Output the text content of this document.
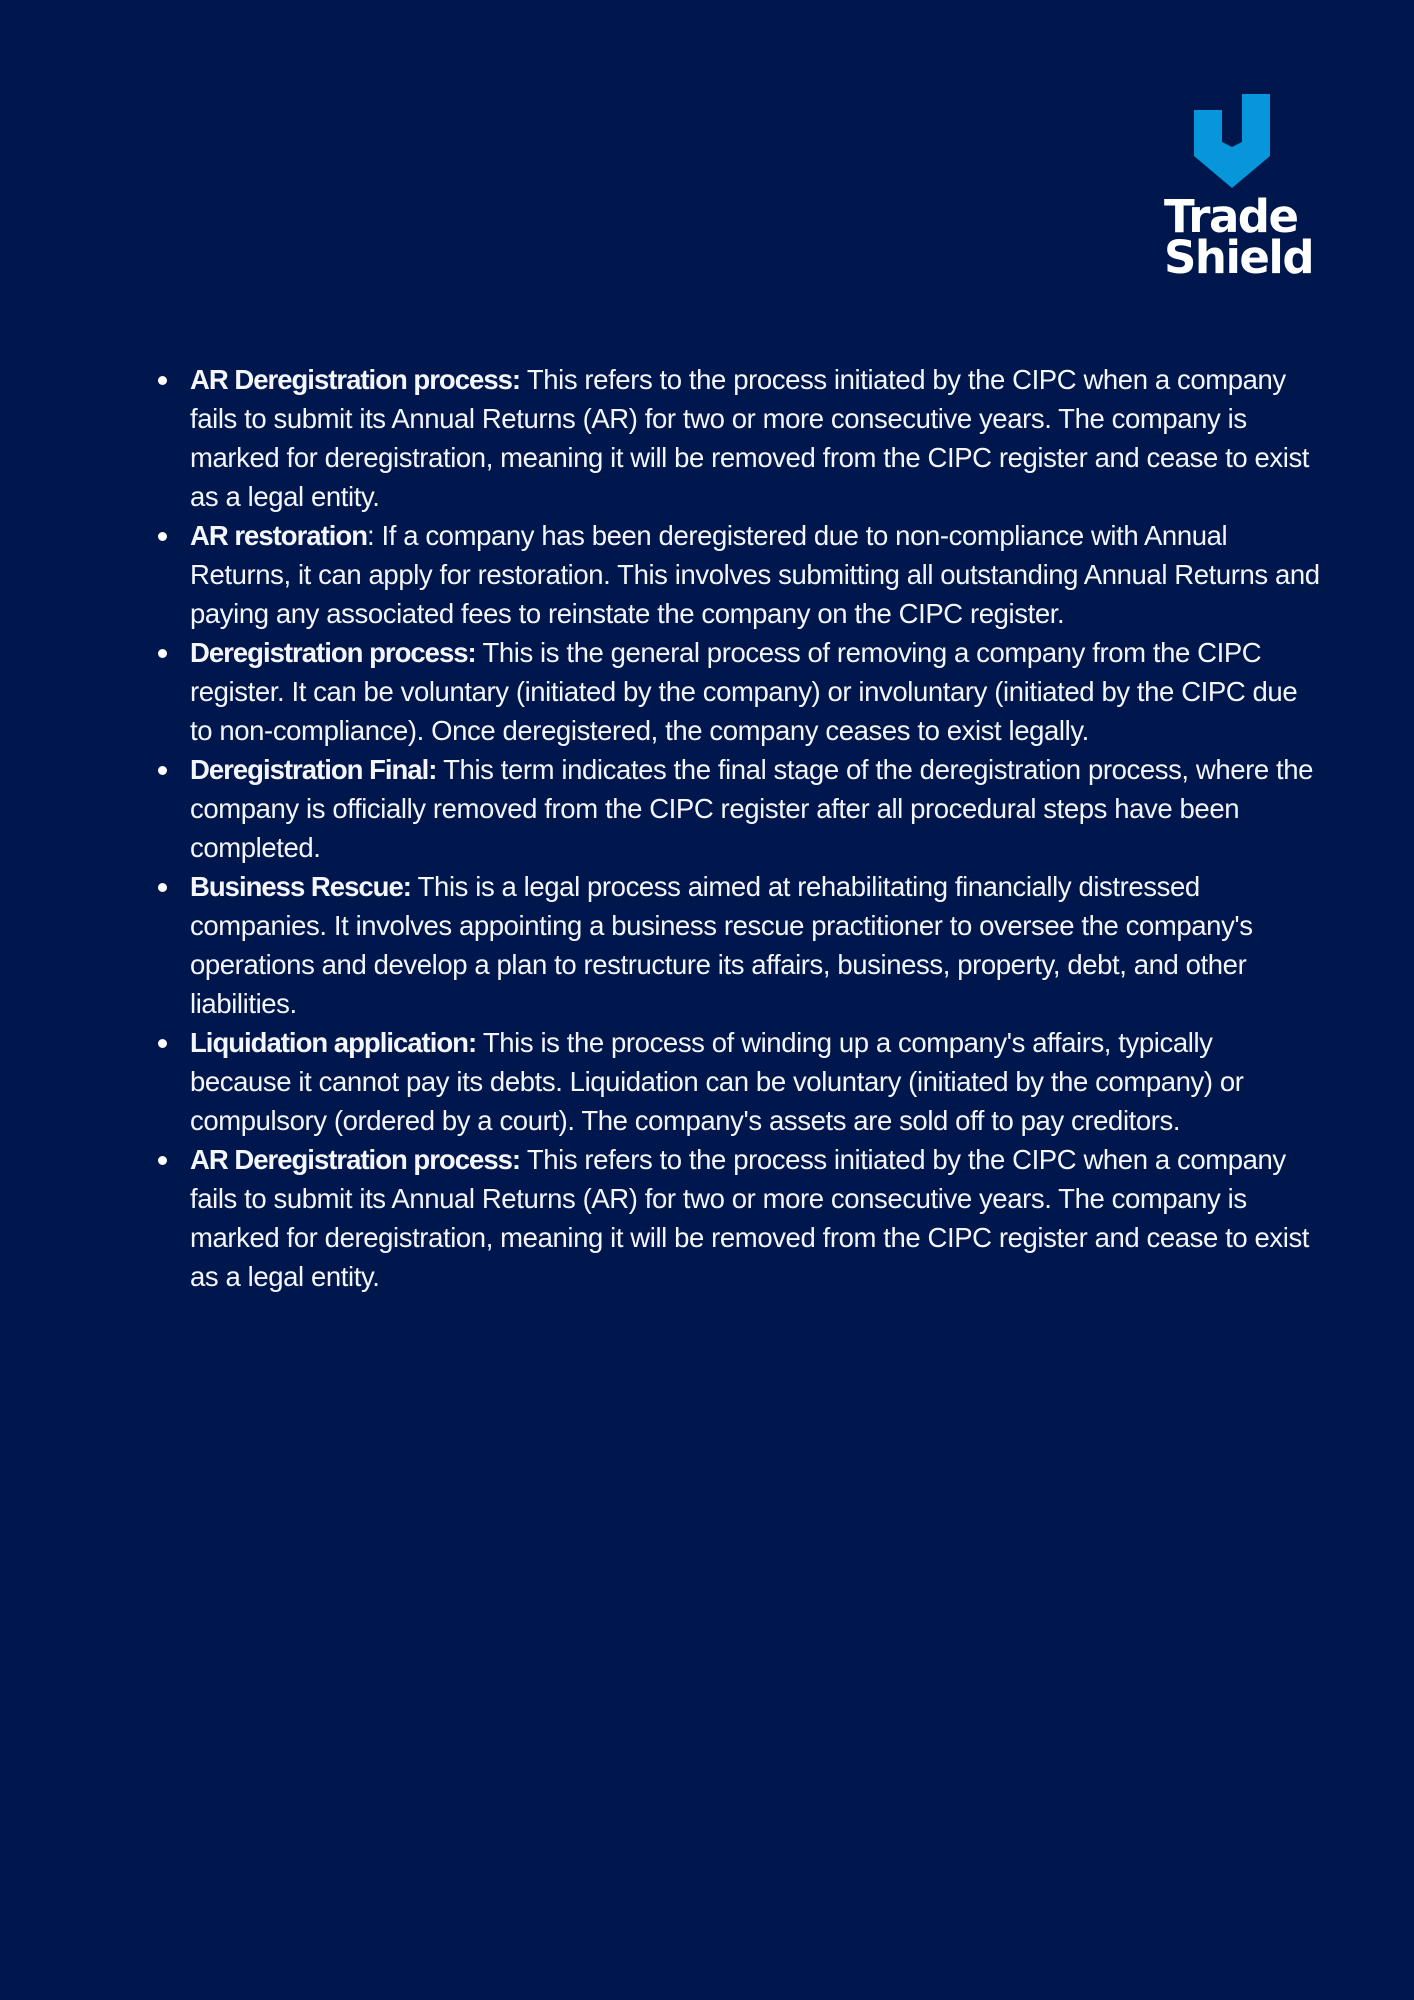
Trade
Shield

AR Deregistration process: This refers to the process initiated by the CIPC when a company fails to submit its Annual Returns (AR) for two or more consecutive years. The company is marked for deregistration, meaning it will be removed from the CIPC register and cease to exist as a legal entity.
AR restoration: If a company has been deregistered due to non-compliance with Annual Returns, it can apply for restoration. This involves submitting all outstanding Annual Returns and paying any associated fees to reinstate the company on the CIPC register.
Deregistration process: This is the general process of removing a company from the CIPC register. It can be voluntary (initiated by the company) or involuntary (initiated by the CIPC due to non-compliance). Once deregistered, the company ceases to exist legally.
Deregistration Final: This term indicates the final stage of the deregistration process, where the company is officially removed from the CIPC register after all procedural steps have been completed.
Business Rescue: This is a legal process aimed at rehabilitating financially distressed companies. It involves appointing a business rescue practitioner to oversee the company's operations and develop a plan to restructure its affairs, business, property, debt, and other liabilities.
Liquidation application: This is the process of winding up a company's affairs, typically because it cannot pay its debts. Liquidation can be voluntary (initiated by the company) or compulsory (ordered by a court). The company's assets are sold off to pay creditors.
AR Deregistration process: This refers to the process initiated by the CIPC when a company fails to submit its Annual Returns (AR) for two or more consecutive years. The company is marked for deregistration, meaning it will be removed from the CIPC register and cease to exist as a legal entity.
